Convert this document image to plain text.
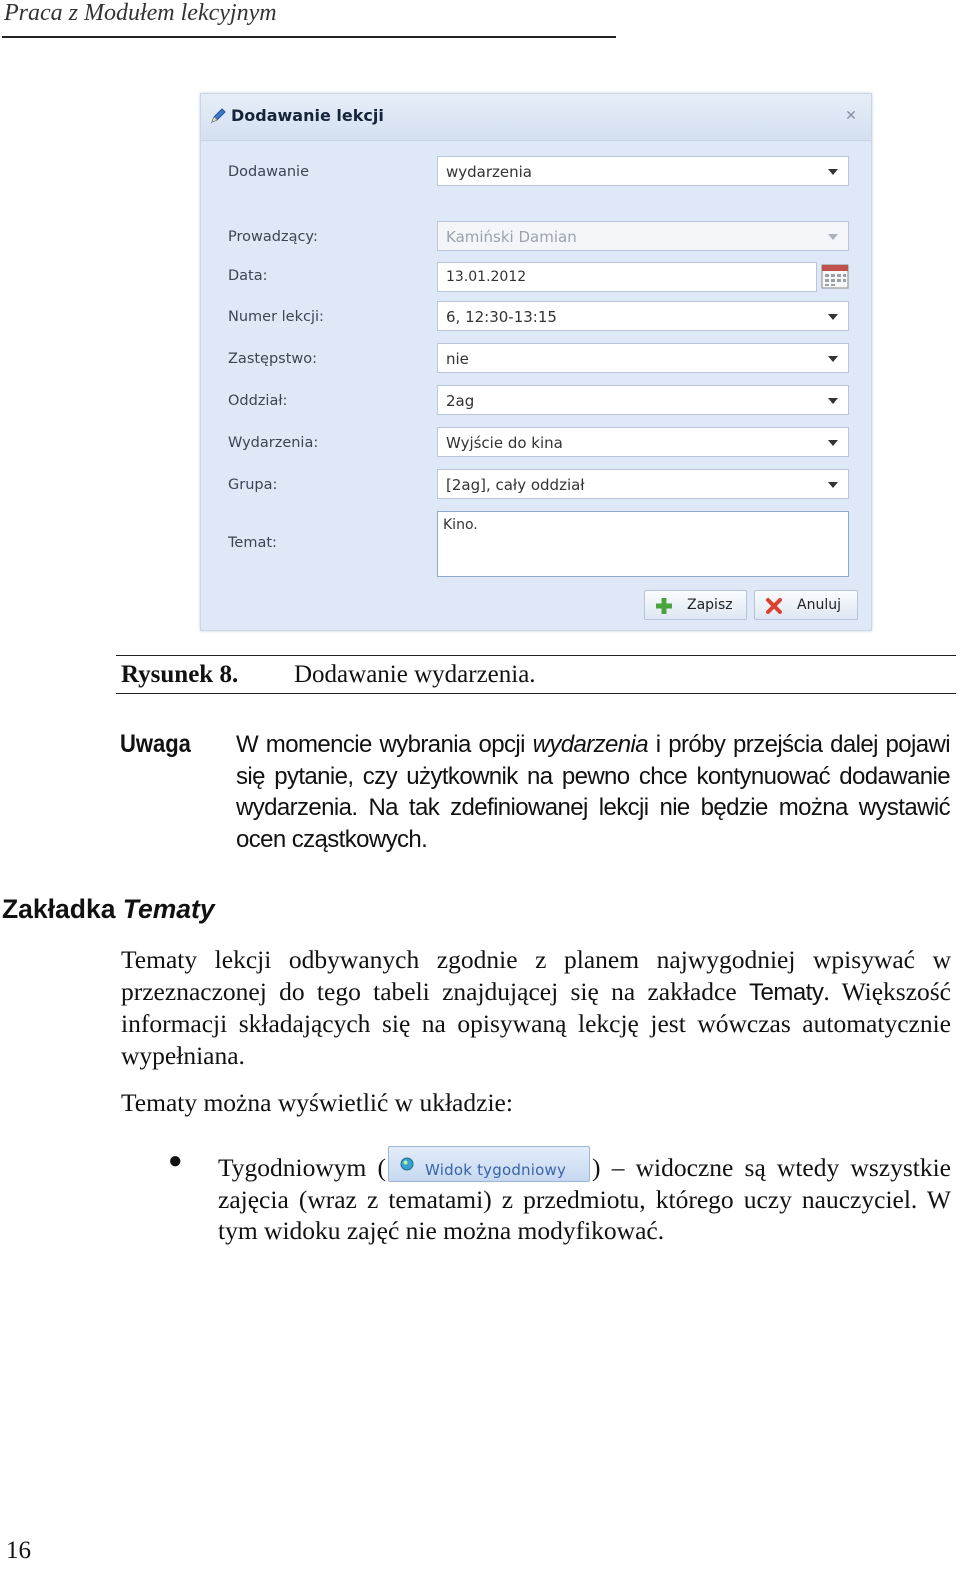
Praca z Modułem lekcyjnym
Dodawanie lekcji	✕
Dodawanie	wydarzenia
Prowadzący:	Kamiński Damian
Data:	13.01.2012
Numer lekcji:	6, 12:30-13:15
Zastępstwo:	nie
Oddział:	2ag
Wydarzenia:	Wyjście do kina
Grupa:	[2ag], cały oddział
Temat:
Kino.
Zapisz	Anuluj
Rysunek 8. Dodawanie wydarzenia.
Uwaga W momencie wybrania opcji wydarzenia i próby przejścia dalej pojawi się pytanie, czy użytkownik na pewno chce kontynuować dodawanie wydarzenia. Na tak zdefiniowanej lekcji nie będzie można wystawić ocen cząstkowych.
Zakładka Tematy
Tematy lekcji odbywanych zgodnie z planem najwygodniej wpisywać w przeznaczonej do tego tabeli znajdującej się na zakładce Tematy. Większość informacji składających się na opisywaną lekcję jest wówczas automatycznie wypełniana.
Tematy można wyświetlić w układzie:
● Tygodniowym (	Widok tygodniowy ) – widoczne są wtedy wszystkie zajęcia (wraz z tematami) z przedmiotu, którego uczy nauczyciel. W tym widoku zajęć nie można modyfikować.
16
